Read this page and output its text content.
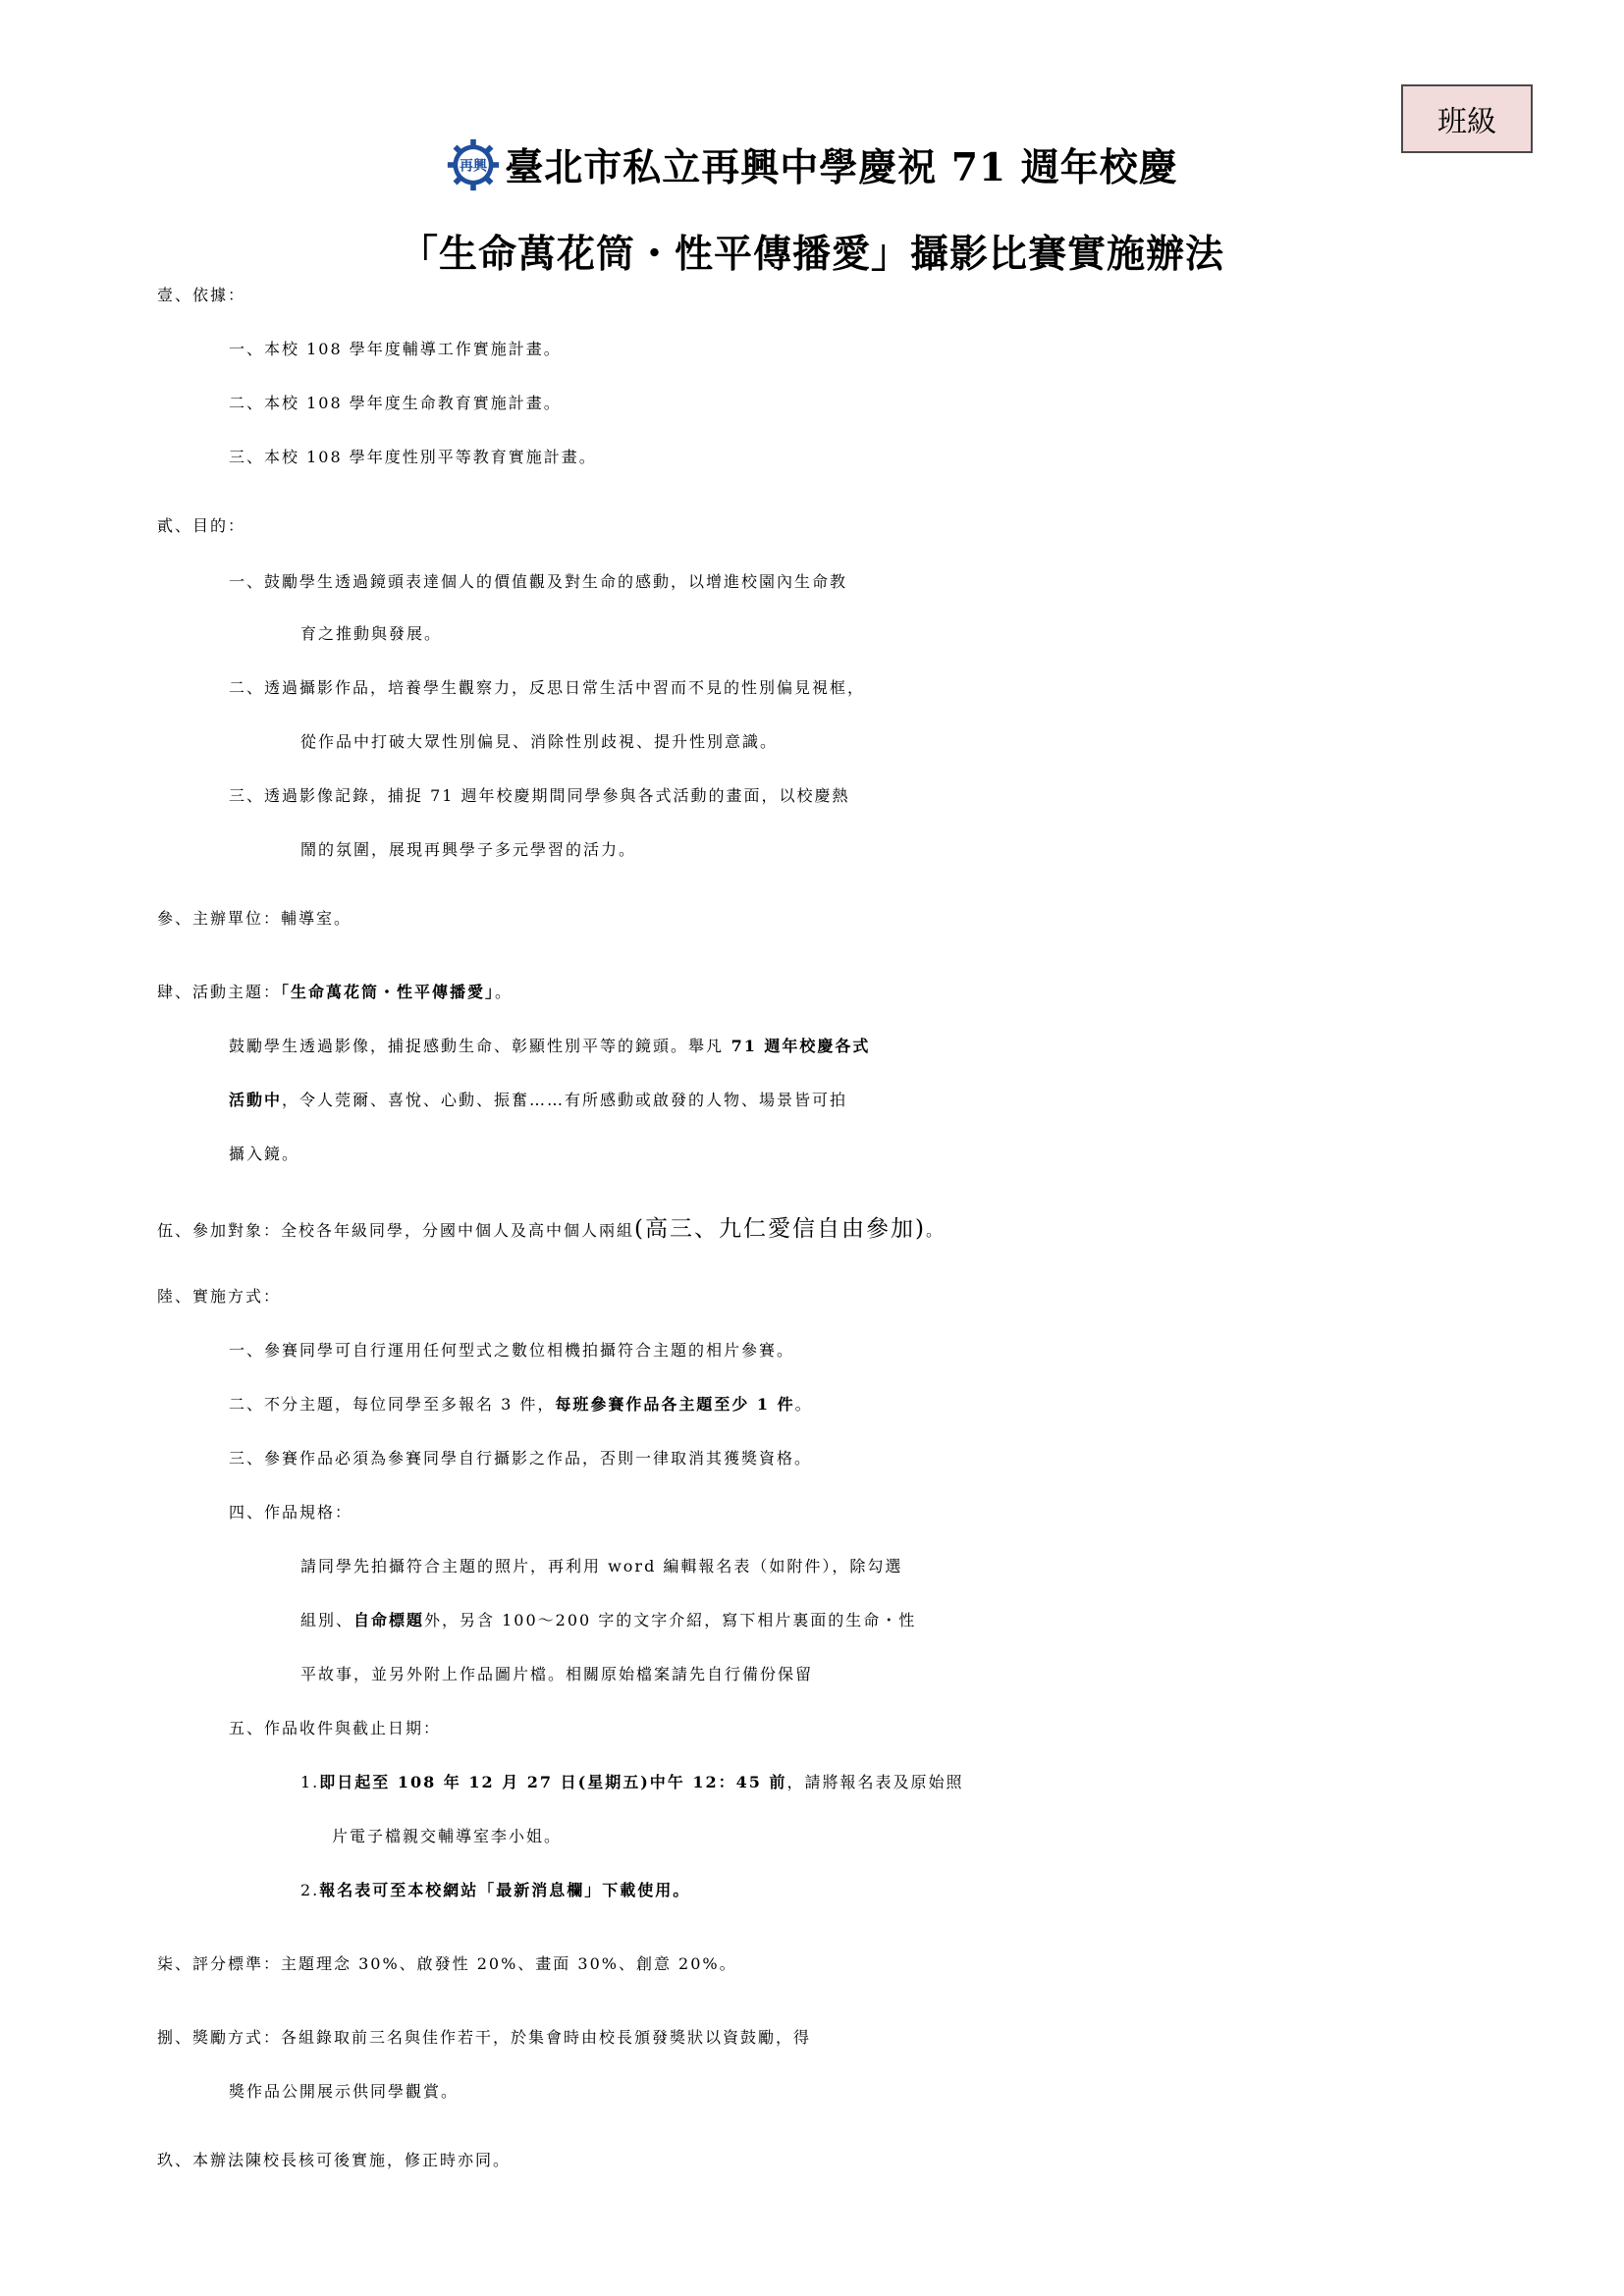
班級
再興 臺北市私立再興中學慶祝 71 週年校慶
「生命萬花筒・性平傳播愛」攝影比賽實施辦法
壹、依據：
一、本校 108 學年度輔導工作實施計畫。
二、本校 108 學年度生命教育實施計畫。
三、本校 108 學年度性別平等教育實施計畫。
貳、目的：
一、鼓勵學生透過鏡頭表達個人的價值觀及對生命的感動，以增進校園內生命教
育之推動與發展。
二、透過攝影作品，培養學生觀察力，反思日常生活中習而不見的性別偏見視框，
從作品中打破大眾性別偏見、消除性別歧視、提升性別意識。
三、透過影像記錄，捕捉 71 週年校慶期間同學參與各式活動的畫面，以校慶熱
鬧的氛圍，展現再興學子多元學習的活力。
參、主辦單位：輔導室。
肆、活動主題：「生命萬花筒・性平傳播愛」。
鼓勵學生透過影像，捕捉感動生命、彰顯性別平等的鏡頭。舉凡 71 週年校慶各式
活動中，令人莞爾、喜悅、心動、振奮……有所感動或啟發的人物、場景皆可拍
攝入鏡。
伍、參加對象：全校各年級同學，分國中個人及高中個人兩組(高三、九仁愛信自由參加)。
陸、實施方式：
一、參賽同學可自行運用任何型式之數位相機拍攝符合主題的相片參賽。
二、不分主題，每位同學至多報名 3 件，每班參賽作品各主題至少 1 件。
三、參賽作品必須為參賽同學自行攝影之作品，否則一律取消其獲獎資格。
四、作品規格：
請同學先拍攝符合主題的照片，再利用 word 編輯報名表（如附件），除勾選
組別、自命標題外，另含 100～200 字的文字介紹，寫下相片裏面的生命・性
平故事，並另外附上作品圖片檔。相關原始檔案請先自行備份保留
五、作品收件與截止日期：
1.即日起至 108 年 12 月 27 日(星期五)中午 12：45 前，請將報名表及原始照
片電子檔親交輔導室李小姐。
2.報名表可至本校網站「最新消息欄」下載使用。
柒、評分標準：主題理念 30%、啟發性 20%、畫面 30%、創意 20%。
捌、獎勵方式：各組錄取前三名與佳作若干，於集會時由校長頒發獎狀以資鼓勵，得
獎作品公開展示供同學觀賞。
玖、本辦法陳校長核可後實施，修正時亦同。
